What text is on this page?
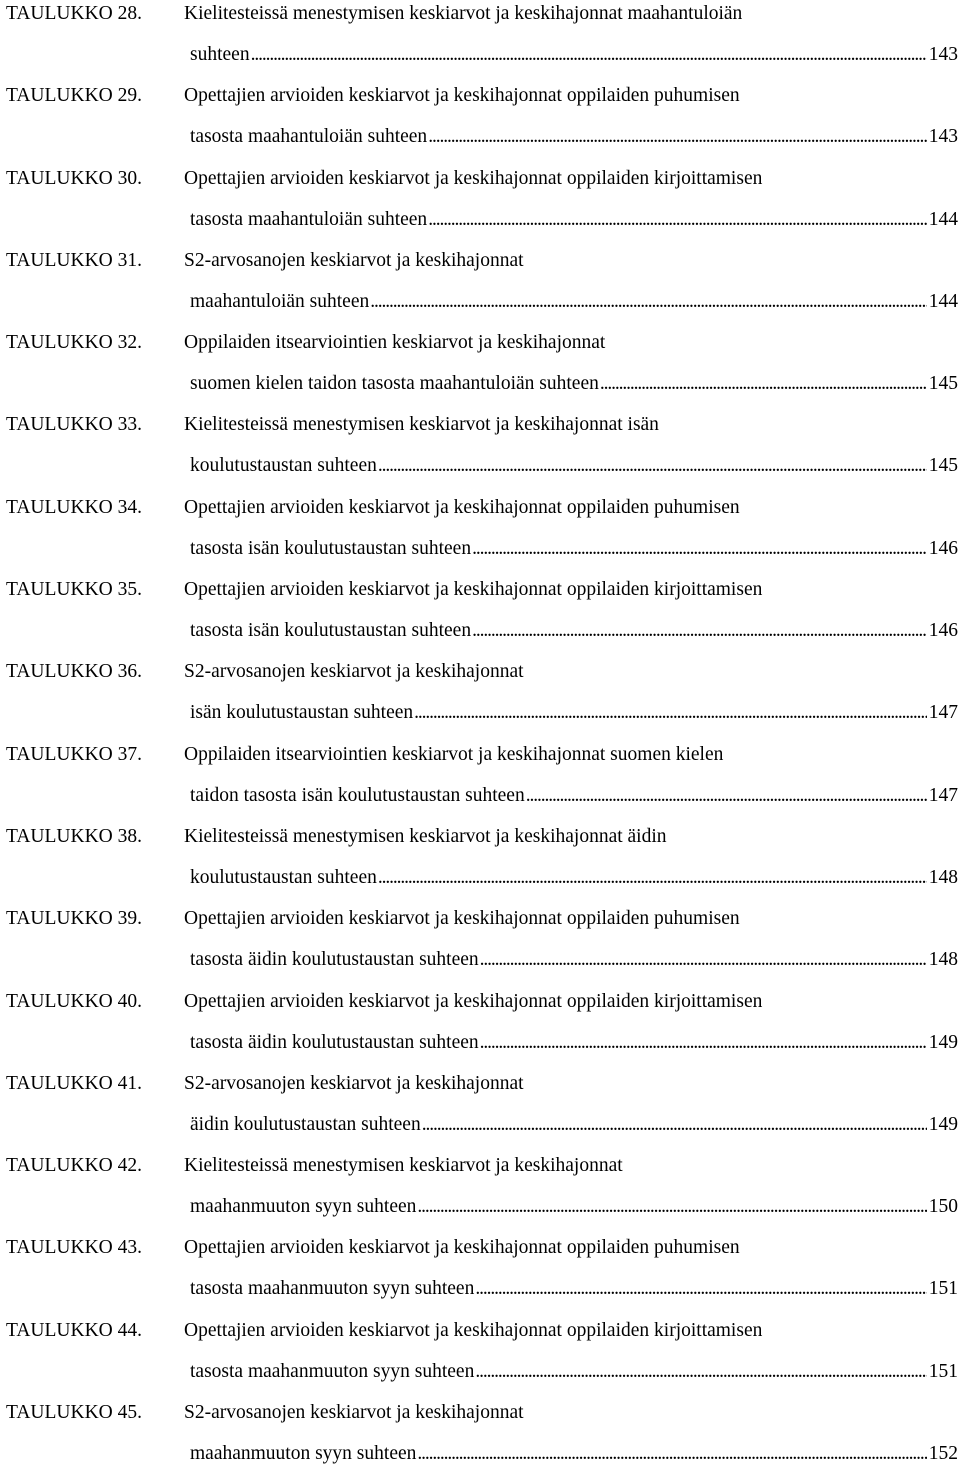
TAULUKKO 28. Kielitesteissä menestymisen keskiarvot ja keskihajonnat maahantuloiän
suhteen . . .	143
TAULUKKO 29. Opettajien arvioiden keskiarvot ja keskihajonnat oppilaiden puhumisen
tasosta maahantuloiän suhteen . . .	143
TAULUKKO 30. Opettajien arvioiden keskiarvot ja keskihajonnat oppilaiden kirjoittamisen
tasosta maahantuloiän suhteen . . .	144
TAULUKKO 31. S2-arvosanojen keskiarvot ja keskihajonnat
maahantuloiän suhteen . . .	144
TAULUKKO 32. Oppilaiden itsearviointien keskiarvot ja keskihajonnat
suomen kielen taidon tasosta maahantuloiän suhteen . . .	145
TAULUKKO 33. Kielitesteissä menestymisen keskiarvot ja keskihajonnat isän
koulutustaustan suhteen . . .	145
TAULUKKO 34. Opettajien arvioiden keskiarvot ja keskihajonnat oppilaiden puhumisen
tasosta isän koulutustaustan suhteen . . .	146
TAULUKKO 35. Opettajien arvioiden keskiarvot ja keskihajonnat oppilaiden kirjoittamisen
tasosta isän koulutustaustan suhteen . . .	146
TAULUKKO 36. S2-arvosanojen keskiarvot ja keskihajonnat
isän koulutustaustan suhteen . . .	147
TAULUKKO 37. Oppilaiden itsearviointien keskiarvot ja keskihajonnat suomen kielen
taidon tasosta isän koulutustaustan suhteen . . .	147
TAULUKKO 38. Kielitesteissä menestymisen keskiarvot ja keskihajonnat äidin
koulutustaustan suhteen . . .	148
TAULUKKO 39. Opettajien arvioiden keskiarvot ja keskihajonnat oppilaiden puhumisen
tasosta äidin koulutustaustan suhteen . . .	148
TAULUKKO 40. Opettajien arvioiden keskiarvot ja keskihajonnat oppilaiden kirjoittamisen
tasosta äidin koulutustaustan suhteen . . .	149
TAULUKKO 41. S2-arvosanojen keskiarvot ja keskihajonnat
äidin koulutustaustan suhteen . . .	149
TAULUKKO 42. Kielitesteissä menestymisen keskiarvot ja keskihajonnat
maahanmuuton syyn suhteen . . .	150
TAULUKKO 43. Opettajien arvioiden keskiarvot ja keskihajonnat oppilaiden puhumisen
tasosta maahanmuuton syyn suhteen . . .	151
TAULUKKO 44. Opettajien arvioiden keskiarvot ja keskihajonnat oppilaiden kirjoittamisen
tasosta maahanmuuton syyn suhteen . . .	151
TAULUKKO 45. S2-arvosanojen keskiarvot ja keskihajonnat
maahanmuuton syyn suhteen . . .	152
